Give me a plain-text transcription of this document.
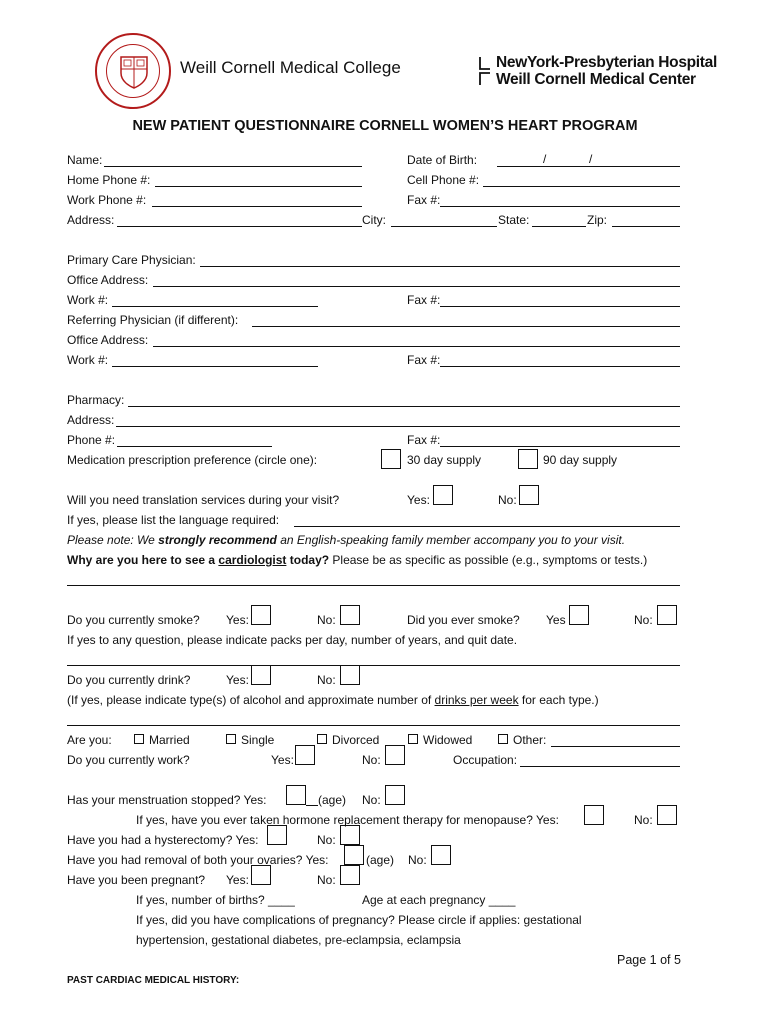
Weill Cornell Medical College	NewYork-Presbyterian Hospital
Weill Cornell Medical Center
NEW PATIENT QUESTIONNAIRE CORNELL WOMEN’S HEART PROGRAM
Name:	Date of Birth:	/	/
Home Phone #:	Cell Phone #:
Work Phone #:	Fax #:
Address:	City:	State:	Zip:
Primary Care Physician:
Office Address:
Work #:	Fax #:
Referring Physician (if different):
Office Address:
Work #:	Fax #:
Pharmacy:
Address:
Phone #:	Fax #:
Medication prescription preference (circle one):	30 day supply	90 day supply
Will you need translation services during your visit?	Yes:	No:
If yes, please list the language required:
Please note: We strongly recommend an English-speaking family member accompany you to your visit.
Why are you here to see a cardiologist today? Please be as specific as possible (e.g., symptoms or tests.)
Do you currently smoke? Yes:	No:	Did you ever smoke? Yes	No:
If yes to any question, please indicate packs per day, number of years, and quit date.
Do you currently drink?	Yes:	No:
(If yes, please indicate type(s) of alcohol and approximate number of drinks per week for each type.)
Are you:	Married	Single	Divorced	Widowed	Other:
Do you currently work?	Yes:	No:	Occupation:
Has your menstruation stopped? Yes:	(age) No:
If yes, have you ever taken hormone replacement therapy for menopause? Yes:	No:
Have you had a hysterectomy? Yes:	No:
Have you had removal of both your ovaries? Yes:	(age) No:
Have you been pregnant? Yes:	No:
If yes, number of births? ____	Age at each pregnancy ____
If yes, did you have complications of pregnancy? Please circle if applies: gestational
hypertension, gestational diabetes, pre-eclampsia, eclampsia
Page 1 of 5
PAST CARDIAC MEDICAL HISTORY:
